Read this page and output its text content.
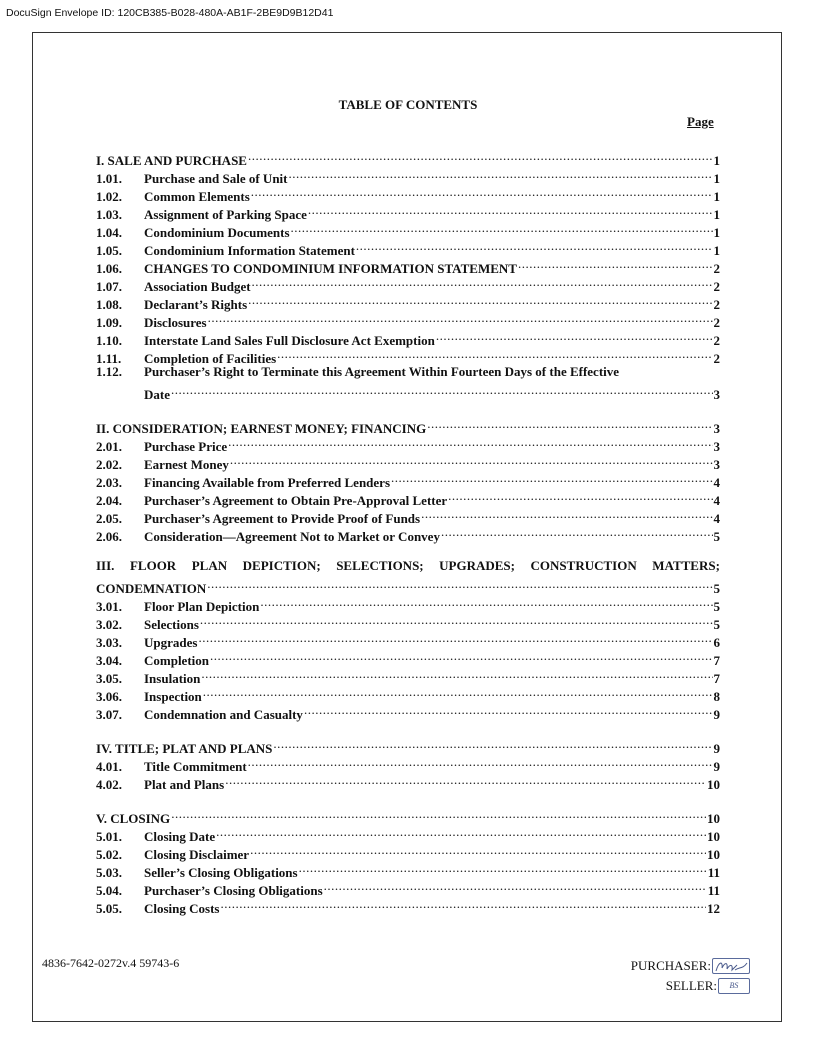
DocuSign Envelope ID: 120CB385-B028-480A-AB1F-2BE9D9B12D41
TABLE OF CONTENTS
Page
I. SALE AND PURCHASE .....	1
1.01.	Purchase and Sale of Unit .....	1
1.02.	Common Elements .....	1
1.03.	Assignment of Parking Space .....	1
1.04.	Condominium Documents .....	1
1.05.	Condominium Information Statement .....	1
1.06.	CHANGES TO CONDOMINIUM INFORMATION STATEMENT .....	2
1.07.	Association Budget .....	2
1.08.	Declarant’s Rights .....	2
1.09.	Disclosures .....	2
1.10.	Interstate Land Sales Full Disclosure Act Exemption .....	2
1.11.	Completion of Facilities .....	2
1.12.	Purchaser’s Right to Terminate this Agreement Within Fourteen Days of the Effective
Date .....	3
II. CONSIDERATION; EARNEST MONEY; FINANCING .....	3
2.01.	Purchase Price .....	3
2.02.	Earnest Money .....	3
2.03.	Financing Available from Preferred Lenders .....	4
2.04.	Purchaser’s Agreement to Obtain Pre-Approval Letter .....	4
2.05.	Purchaser’s Agreement to Provide Proof of Funds .....	4
2.06.	Consideration—Agreement Not to Market or Convey .....	5
III. FLOOR PLAN DEPICTION; SELECTIONS; UPGRADES; CONSTRUCTION MATTERS;
CONDEMNATION .....	5
3.01.	Floor Plan Depiction .....	5
3.02.	Selections .....	5
3.03.	Upgrades .....	6
3.04.	Completion .....	7
3.05.	Insulation .....	7
3.06.	Inspection .....	8
3.07.	Condemnation and Casualty .....	9
IV. TITLE; PLAT AND PLANS .....	9
4.01.	Title Commitment .....	9
4.02.	Plat and Plans .....	10
V. CLOSING .....	10
5.01.	Closing Date .....	10
5.02.	Closing Disclaimer .....	10
5.03.	Seller’s Closing Obligations .....	11
5.04.	Purchaser’s Closing Obligations .....	11
5.05.	Closing Costs .....	12
4836-7642-0272v.4 59743-6	PURCHASER:
SELLER:	BS
